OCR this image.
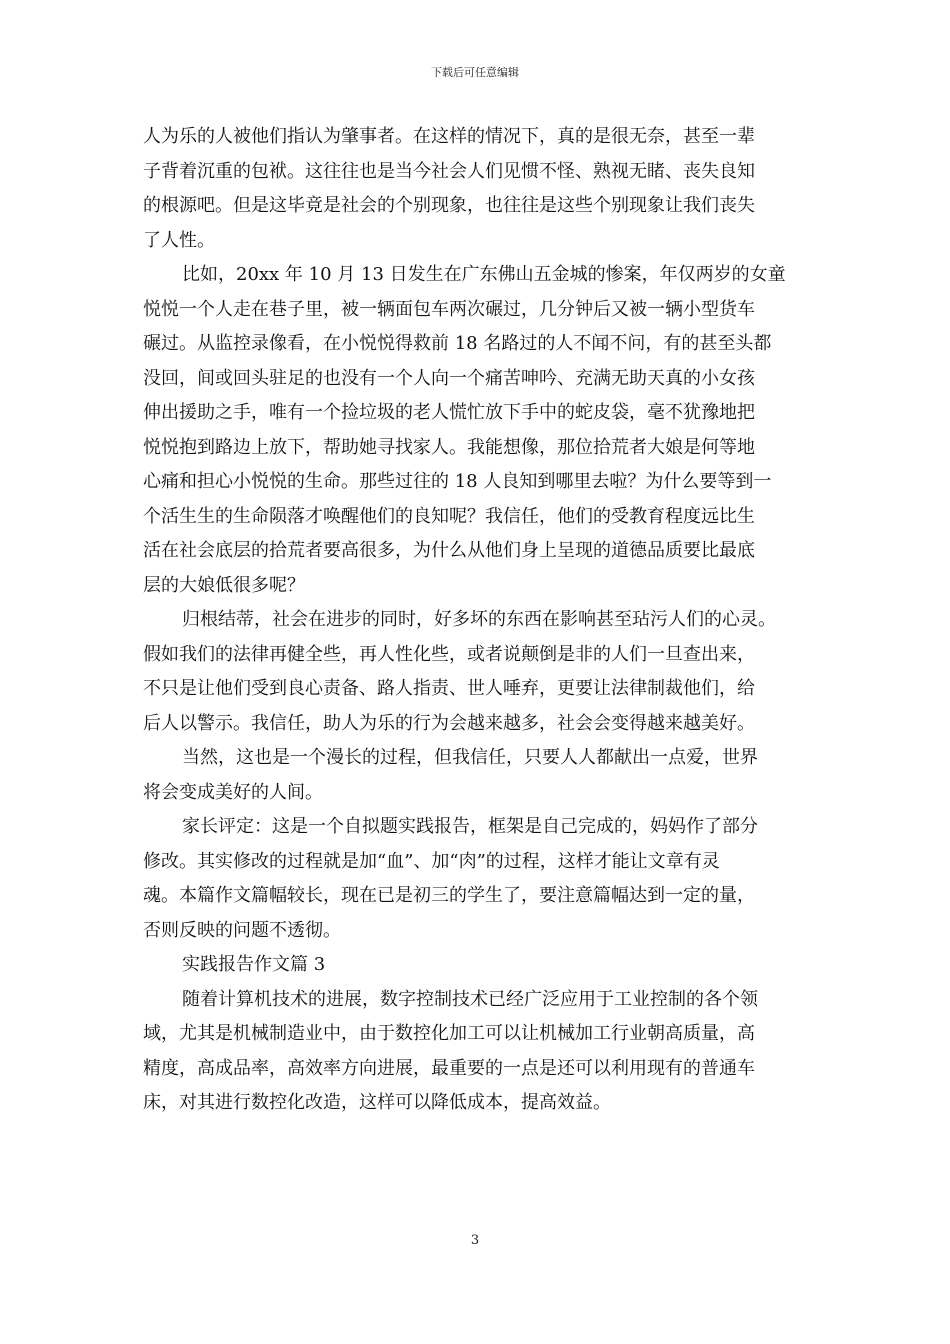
下载后可任意编辑
人为乐的人被他们指认为肇事者。在这样的情况下，真的是很无奈，甚至一辈
子背着沉重的包袱。这往往也是当今社会人们见惯不怪、熟视无睹、丧失良知
的根源吧。但是这毕竟是社会的个别现象，也往往是这些个别现象让我们丧失
了人性。
比如，20xx 年 10 月 13 日发生在广东佛山五金城的惨案，年仅两岁的女童
悦悦一个人走在巷子里，被一辆面包车两次碾过，几分钟后又被一辆小型货车
碾过。从监控录像看，在小悦悦得救前 18 名路过的人不闻不问，有的甚至头都
没回，间或回头驻足的也没有一个人向一个痛苦呻吟、充满无助天真的小女孩
伸出援助之手，唯有一个捡垃圾的老人慌忙放下手中的蛇皮袋，毫不犹豫地把
悦悦抱到路边上放下，帮助她寻找家人。我能想像，那位拾荒者大娘是何等地
心痛和担心小悦悦的生命。那些过往的 18 人良知到哪里去啦？为什么要等到一
个活生生的生命陨落才唤醒他们的良知呢？我信任，他们的受教育程度远比生
活在社会底层的拾荒者要高很多，为什么从他们身上呈现的道德品质要比最底
层的大娘低很多呢？
归根结蒂，社会在进步的同时，好多坏的东西在影响甚至玷污人们的心灵。
假如我们的法律再健全些，再人性化些，或者说颠倒是非的人们一旦查出来，
不只是让他们受到良心责备、路人指责、世人唾弃，更要让法律制裁他们，给
后人以警示。我信任，助人为乐的行为会越来越多，社会会变得越来越美好。
当然，这也是一个漫长的过程，但我信任，只要人人都献出一点爱，世界
将会变成美好的人间。
家长评定：这是一个自拟题实践报告，框架是自己完成的，妈妈作了部分
修改。其实修改的过程就是加“血”、加“肉”的过程，这样才能让文章有灵
魂。本篇作文篇幅较长，现在已是初三的学生了，要注意篇幅达到一定的量，
否则反映的问题不透彻。
实践报告作文篇 3
随着计算机技术的进展，数字控制技术已经广泛应用于工业控制的各个领
域，尤其是机械制造业中，由于数控化加工可以让机械加工行业朝高质量，高
精度，高成品率，高效率方向进展，最重要的一点是还可以利用现有的普通车
床，对其进行数控化改造，这样可以降低成本，提高效益。
3
